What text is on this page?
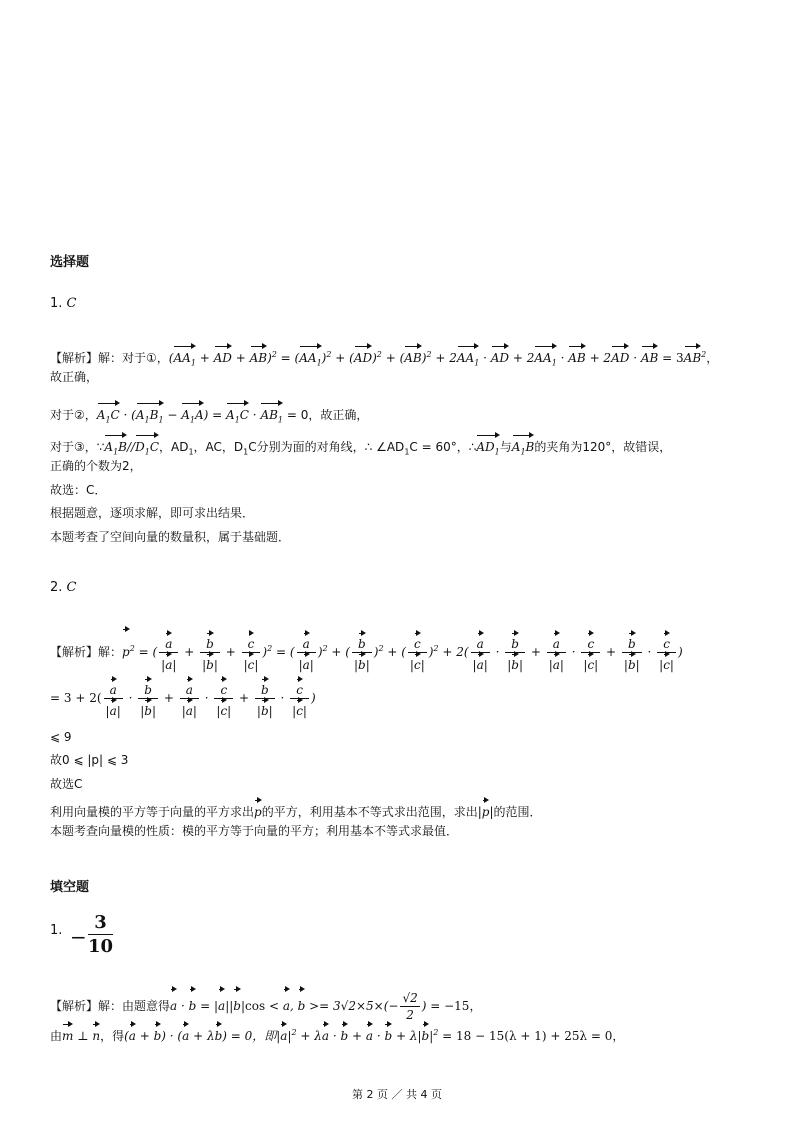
选择题
1. C
【解析】解：对于①，($AA_1$ + AD + $AB)^2 = (AA_1)^2 + (AD)^2 + (AB)^2 + 2AA_1$ · AD + $2AA_1$ · AB + 2AD · AB = $3AB^2$，
故正确，
对于②，$A_1C \cdot (A_1B_1 - A_1A) = A_1C \cdot AB_1 = 0$，故正确，
对于③，$\because A_1B//D_1C$，$AD_1$，AC，$D_1C$分别为面的对角线，∴ $\angle AD_1C = 60^\circ$，$\therefore AD_1$与$A_1B$的夹角为120°，故错误，
正确的个数为2，
故选：C．
根据题意，逐项求解，即可求出结果．
本题考查了空间向量的数量积，属于基础题．
2. C
【解析】解：$p^2$ = ( $\frac{a}{|a|} + \frac{b}{|b|} + \frac{c}{|c|} )^2$ = ( $\frac{a}{|a|} )^2$ + ( $\frac{b}{|b|} )^2$ + ( $\frac{c}{|c|} )^2 + 2( \frac{a}{|a|} \cdot \frac{b}{|b|} + \frac{a}{|a|} \cdot \frac{c}{|c|} + \frac{b}{|b|} \cdot \frac{c}{|c|}$ )
= $3 + 2( \frac{a}{|a|} \cdot \frac{b}{|b|} + \frac{a}{|a|} \cdot \frac{c}{|c|} + \frac{b}{|b|} \cdot \frac{c}{|c|}$ )
⩽ 9
故0 ⩽ |p| ⩽ 3
故选C
利用向量模的平方等于向量的平方求出p的平方，利用基本不等式求出范围，求出|p|的范围．
本题考查向量模的性质：模的平方等于向量的平方；利用基本不等式求最值．
填空题
1. − $\frac{3}{10}$
【解析】解：由题意得a · b = |a||b|cos < a, $b >= 3√2\times 5\times(- \frac{√2}{2}$ ) = −15，
由m ⊥ n，得(a + b) · (a + λb) = 0，即$|a|^2 + \lambda a \cdot b + a \cdot b + \lambda|b|^2 = 18 - 15(\lambda + 1) + 25\lambda = 0$，
第 2 页 ／ 共 4 页
